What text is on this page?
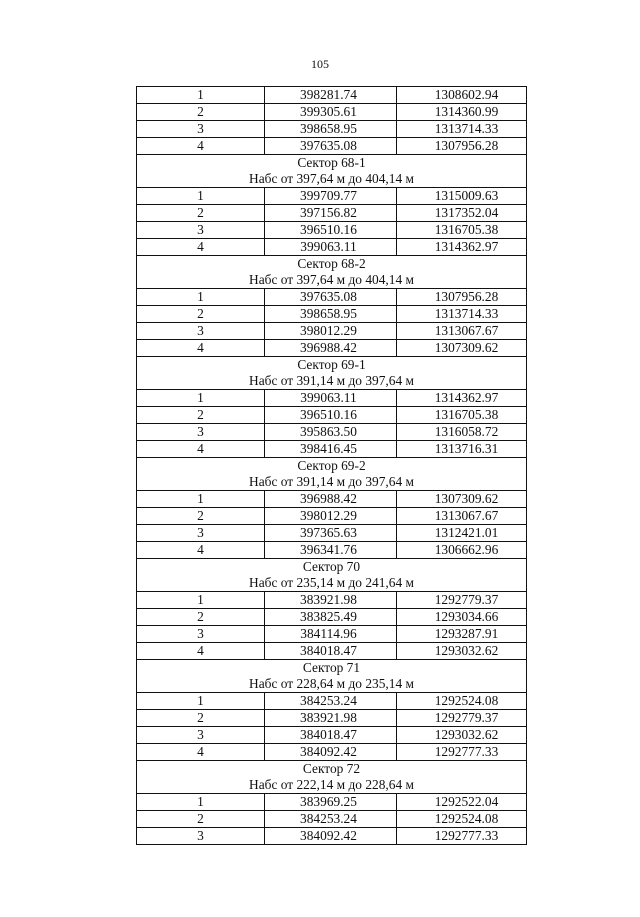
105
1	398281.74	1308602.94
2	399305.61	1314360.99
3	398658.95	1313714.33
4	397635.08	1307956.28
Сектор 68-1		
Набс от 397,64 м до 404,14 м		
1	399709.77	1315009.63
2	397156.82	1317352.04
3	396510.16	1316705.38
4	399063.11	1314362.97
Сектор 68-2		
Набс от 397,64 м до 404,14 м		
1	397635.08	1307956.28
2	398658.95	1313714.33
3	398012.29	1313067.67
4	396988.42	1307309.62
Сектор 69-1		
Набс от 391,14 м до 397,64 м		
1	399063.11	1314362.97
2	396510.16	1316705.38
3	395863.50	1316058.72
4	398416.45	1313716.31
Сектор 69-2		
Набс от 391,14 м до 397,64 м		
1	396988.42	1307309.62
2	398012.29	1313067.67
3	397365.63	1312421.01
4	396341.76	1306662.96
Сектор 70		
Набс от 235,14 м до 241,64 м		
1	383921.98	1292779.37
2	383825.49	1293034.66
3	384114.96	1293287.91
4	384018.47	1293032.62
Сектор 71		
Набс от 228,64 м до 235,14 м		
1	384253.24	1292524.08
2	383921.98	1292779.37
3	384018.47	1293032.62
4	384092.42	1292777.33
Сектор 72		
Набс от 222,14 м до 228,64 м		
1	383969.25	1292522.04
2	384253.24	1292524.08
3	384092.42	1292777.33
